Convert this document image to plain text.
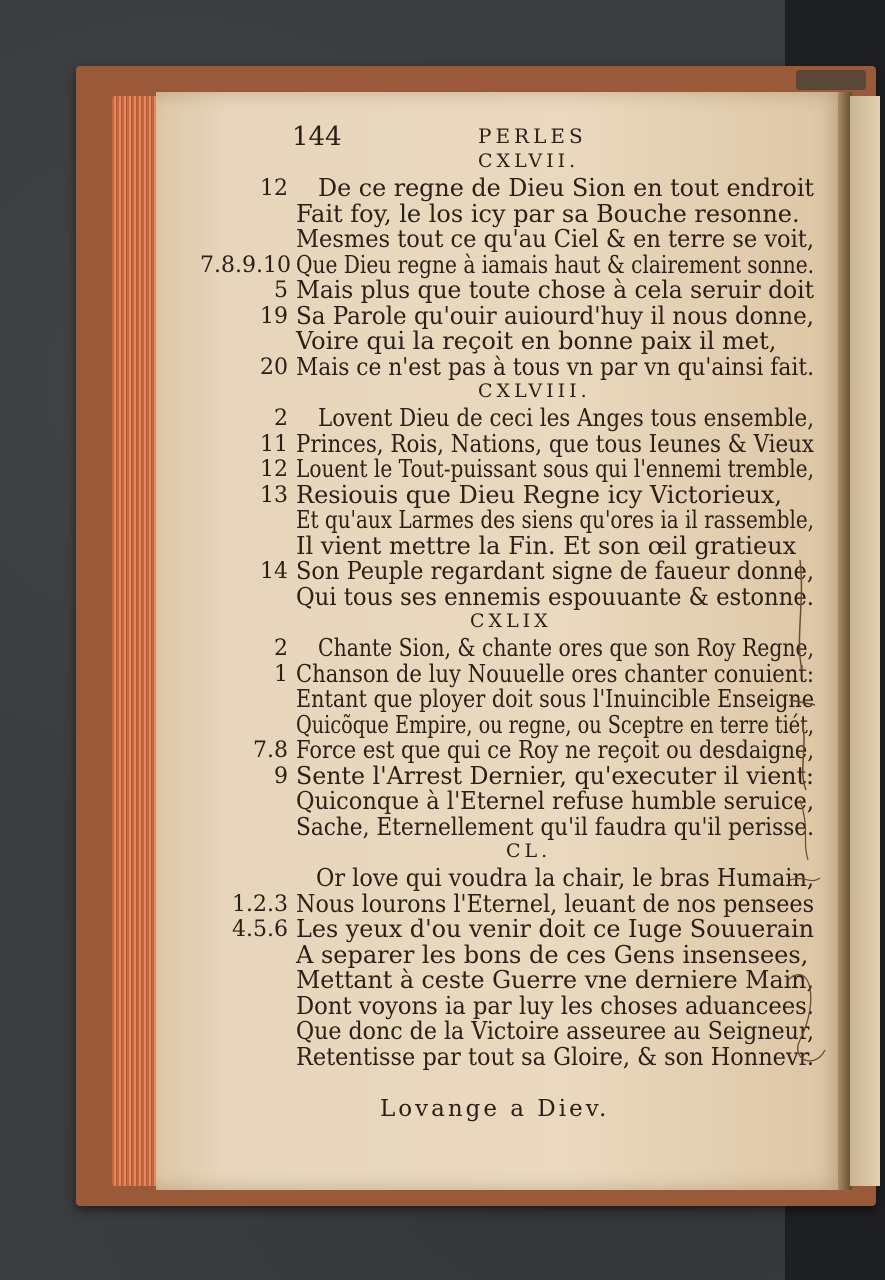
144	PERLES
CXLVII.
12 De ce regne de Dieu Sion en tout endroit
Fait foy, le los icy par sa Bouche resonne.
Mesmes tout ce qu'au Ciel & en terre se voit,
7.8.9.10 Que Dieu regne à iamais haut & clairement sonne.
5 Mais plus que toute chose à cela seruir doit
19 Sa Parole qu'ouir auiourd'huy il nous donne,
Voire qui la reçoit en bonne paix il met,
20 Mais ce n'est pas à tous vn par vn qu'ainsi fait.
CXLVIII.
2 Lovent Dieu de ceci les Anges tous ensemble,
11 Princes, Rois, Nations, que tous Ieunes & Vieux
12 Louent le Tout-puissant sous qui l'ennemi tremble,
13 Resiouis que Dieu Regne icy Victorieux,
Et qu'aux Larmes des siens qu'ores ia il rassemble,
Il vient mettre la Fin. Et son œil gratieux
14 Son Peuple regardant signe de faueur donne,
Qui tous ses ennemis espouuante & estonne.
CXLIX
2 Chante Sion, & chante ores que son Roy Regne,
1 Chanson de luy Nouuelle ores chanter conuient:
Entant que ployer doit sous l'Inuincible Enseigne
Quicõque Empire, ou regne, ou Sceptre en terre tiét,
7.8 Force est que qui ce Roy ne reçoit ou desdaigne,
9 Sente l'Arrest Dernier, qu'executer il vient:
Quiconque à l'Eternel refuse humble seruice,
Sache, Eternellement qu'il faudra qu'il perisse.
CL.
Or love qui voudra la chair, le bras Humain,
1.2.3 Nous lourons l'Eternel, leuant de nos pensees
4.5.6 Les yeux d'ou venir doit ce Iuge Souuerain
A separer les bons de ces Gens insensees,
Mettant à ceste Guerre vne derniere Main,
Dont voyons ia par luy les choses aduancees.
Que donc de la Victoire asseuree au Seigneur,
Retentisse par tout sa Gloire, & son Honnevr.
Lovange a Diev.
